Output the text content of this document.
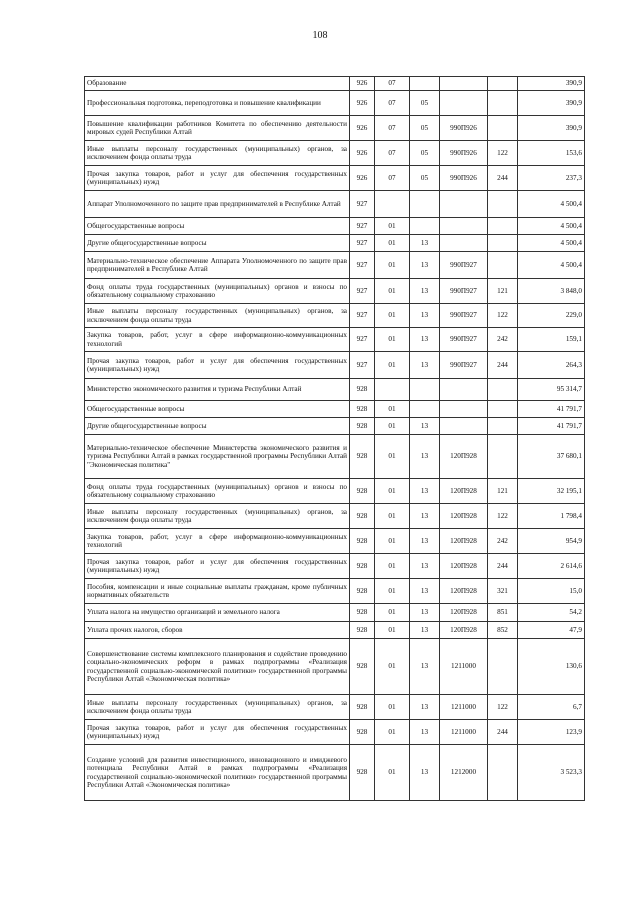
108
Образование	926	07				390,9
Профессиональная подготовка, переподготовка и повышение квалификации	926	07	05			390,9
Повышение квалификации работников Комитета по обеспечению деятельности мировых судей Республики Алтай	926	07	05	990П926		390,9
Иные выплаты персоналу государственных (муниципальных) органов, за исключением фонда оплаты труда	926	07	05	990П926	122	153,6
Прочая закупка товаров, работ и услуг для обеспечения государственных (муниципальных) нужд	926	07	05	990П926	244	237,3
Аппарат Уполномоченного по защите прав предпринимателей в Республике Алтай	927					4 500,4
Общегосударственные вопросы	927	01				4 500,4
Другие общегосударственные вопросы	927	01	13			4 500,4
Материально-техническое обеспечение Аппарата Уполномоченного по защите прав предпринимателей в Республике Алтай	927	01	13	990П927		4 500,4
Фонд оплаты труда государственных (муниципальных) органов и взносы по обязательному социальному страхованию	927	01	13	990П927	121	3 848,0
Иные выплаты персоналу государственных (муниципальных) органов, за исключением фонда оплаты труда	927	01	13	990П927	122	229,0
Закупка товаров, работ, услуг в сфере информационно-коммуникационных технологий	927	01	13	990П927	242	159,1
Прочая закупка товаров, работ и услуг для обеспечения государственных (муниципальных) нужд	927	01	13	990П927	244	264,3
Министерство экономического развития и туризма Республики Алтай	928					95 314,7
Общегосударственные вопросы	928	01				41 791,7
Другие общегосударственные вопросы	928	01	13			41 791,7
Материально-техническое обеспечение Министерства экономического развития и туризма Республики Алтай в рамках государственной программы Республики Алтай "Экономическая политика"	928	01	13	120П928		37 680,1
Фонд оплаты труда государственных (муниципальных) органов и взносы по обязательному социальному страхованию	928	01	13	120П928	121	32 195,1
Иные выплаты персоналу государственных (муниципальных) органов, за исключением фонда оплаты труда	928	01	13	120П928	122	1 798,4
Закупка товаров, работ, услуг в сфере информационно-коммуникационных технологий	928	01	13	120П928	242	954,9
Прочая закупка товаров, работ и услуг для обеспечения государственных (муниципальных) нужд	928	01	13	120П928	244	2 614,6
Пособия, компенсации и иные социальные выплаты гражданам, кроме публичных нормативных обязательств	928	01	13	120П928	321	15,0
Уплата налога на имущество организаций и земельного налога	928	01	13	120П928	851	54,2
Уплата прочих налогов, сборов	928	01	13	120П928	852	47,9
Совершенствование системы комплексного планирования и содействие проведению социально-экономических реформ в рамках подпрограммы «Реализация государственной социально-экономической политики» государственной программы Республики Алтай «Экономическая политика»	928	01	13	1211000		130,6
Иные выплаты персоналу государственных (муниципальных) органов, за исключением фонда оплаты труда	928	01	13	1211000	122	6,7
Прочая закупка товаров, работ и услуг для обеспечения государственных (муниципальных) нужд	928	01	13	1211000	244	123,9
Создание условий для развития инвестиционного, инновационного и имиджевого потенциала Республики Алтай в рамках подпрограммы «Реализация государственной социально-экономической политики» государственной программы Республики Алтай «Экономическая политика»	928	01	13	1212000		3 523,3
